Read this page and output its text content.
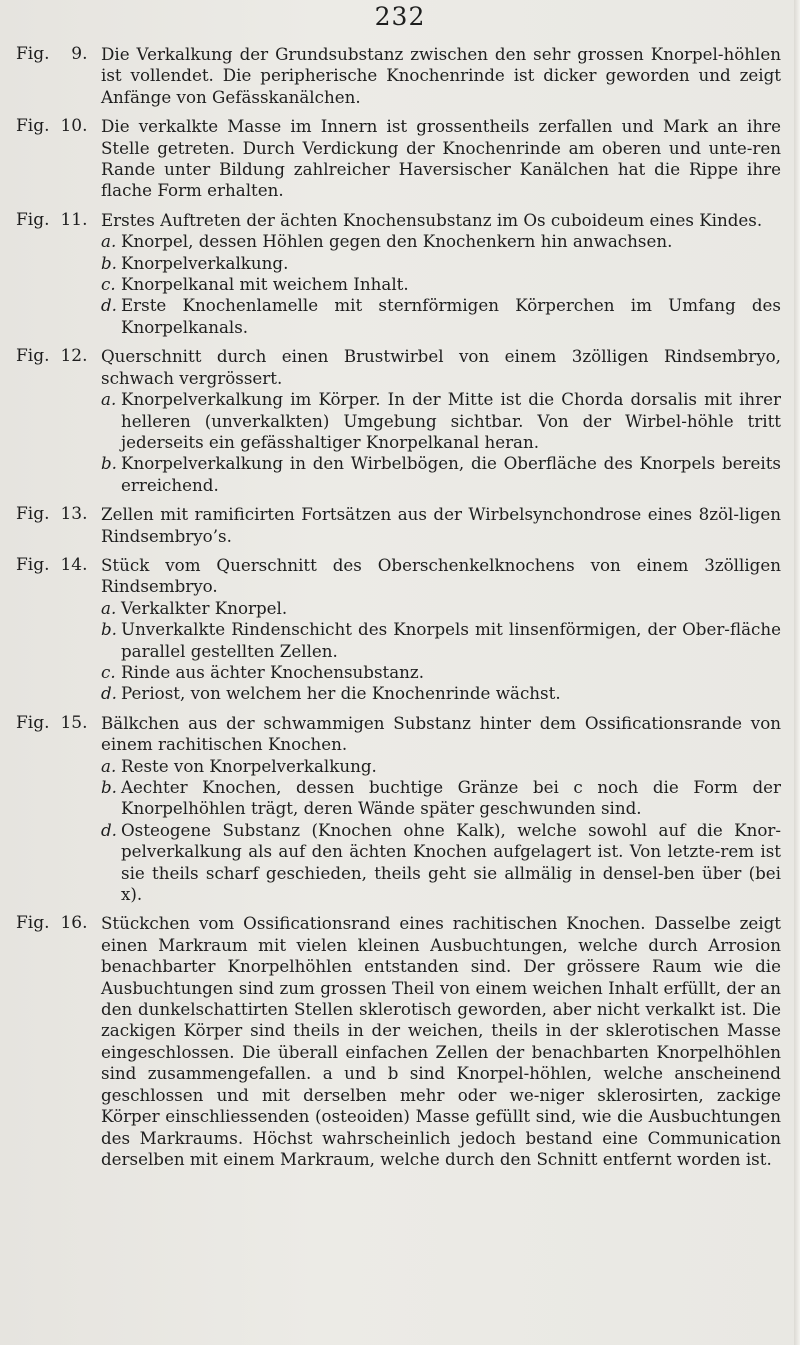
232
Fig. 9. Die Verkalkung der Grundsubstanz zwischen den sehr grossen Knorpel-höhlen ist vollendet. Die peripherische Knochenrinde ist dicker geworden und zeigt Anfänge von Gefässkanälchen.
Fig. 10. Die verkalkte Masse im Innern ist grossentheils zerfallen und Mark an ihre Stelle getreten. Durch Verdickung der Knochenrinde am oberen und unte-ren Rande unter Bildung zahlreicher Haversischer Kanälchen hat die Rippe ihre flache Form erhalten.
Fig. 11. Erstes Auftreten der ächten Knochensubstanz im Os cuboideum eines Kindes.
a. Knorpel, dessen Höhlen gegen den Knochenkern hin anwachsen.
b. Knorpelverkalkung.
c. Knorpelkanal mit weichem Inhalt.
d. Erste Knochenlamelle mit sternförmigen Körperchen im Umfang des Knorpelkanals.
Fig. 12. Querschnitt durch einen Brustwirbel von einem 3zölligen Rindsembryo, schwach vergrössert.
a. Knorpelverkalkung im Körper. In der Mitte ist die Chorda dorsalis mit ihrer helleren (unverkalkten) Umgebung sichtbar. Von der Wirbel-höhle tritt jederseits ein gefässhaltiger Knorpelkanal heran.
b. Knorpelverkalkung in den Wirbelbögen, die Oberfläche des Knorpels bereits erreichend.
Fig. 13. Zellen mit ramificirten Fortsätzen aus der Wirbelsynchondrose eines 8zöl-ligen Rindsembryo’s.
Fig. 14. Stück vom Querschnitt des Oberschenkelknochens von einem 3zölligen Rindsembryo.
a. Verkalkter Knorpel.
b. Unverkalkte Rindenschicht des Knorpels mit linsenförmigen, der Ober-fläche parallel gestellten Zellen.
c. Rinde aus ächter Knochensubstanz.
d. Periost, von welchem her die Knochenrinde wächst.
Fig. 15. Bälkchen aus der schwammigen Substanz hinter dem Ossificationsrande von einem rachitischen Knochen.
a. Reste von Knorpelverkalkung.
b. Aechter Knochen, dessen buchtige Gränze bei c noch die Form der Knorpelhöhlen trägt, deren Wände später geschwunden sind.
d. Osteogene Substanz (Knochen ohne Kalk), welche sowohl auf die Knor-pelverkalkung als auf den ächten Knochen aufgelagert ist. Von letzte-rem ist sie theils scharf geschieden, theils geht sie allmälig in densel-ben über (bei x).
Fig. 16. Stückchen vom Ossificationsrand eines rachitischen Knochen. Dasselbe zeigt einen Markraum mit vielen kleinen Ausbuchtungen, welche durch Arrosion benachbarter Knorpelhöhlen entstanden sind. Der grössere Raum wie die Ausbuchtungen sind zum grossen Theil von einem weichen Inhalt erfüllt, der an den dunkelschattirten Stellen sklerotisch geworden, aber nicht verkalkt ist. Die zackigen Körper sind theils in der weichen, theils in der sklerotischen Masse eingeschlossen. Die überall einfachen Zellen der benachbarten Knorpelhöhlen sind zusammengefallen. a und b sind Knorpel-höhlen, welche anscheinend geschlossen und mit derselben mehr oder we-niger sklerosirten, zackige Körper einschliessenden (osteoiden) Masse gefüllt sind, wie die Ausbuchtungen des Markraums. Höchst wahrscheinlich jedoch bestand eine Communication derselben mit einem Markraum, welche durch den Schnitt entfernt worden ist.
